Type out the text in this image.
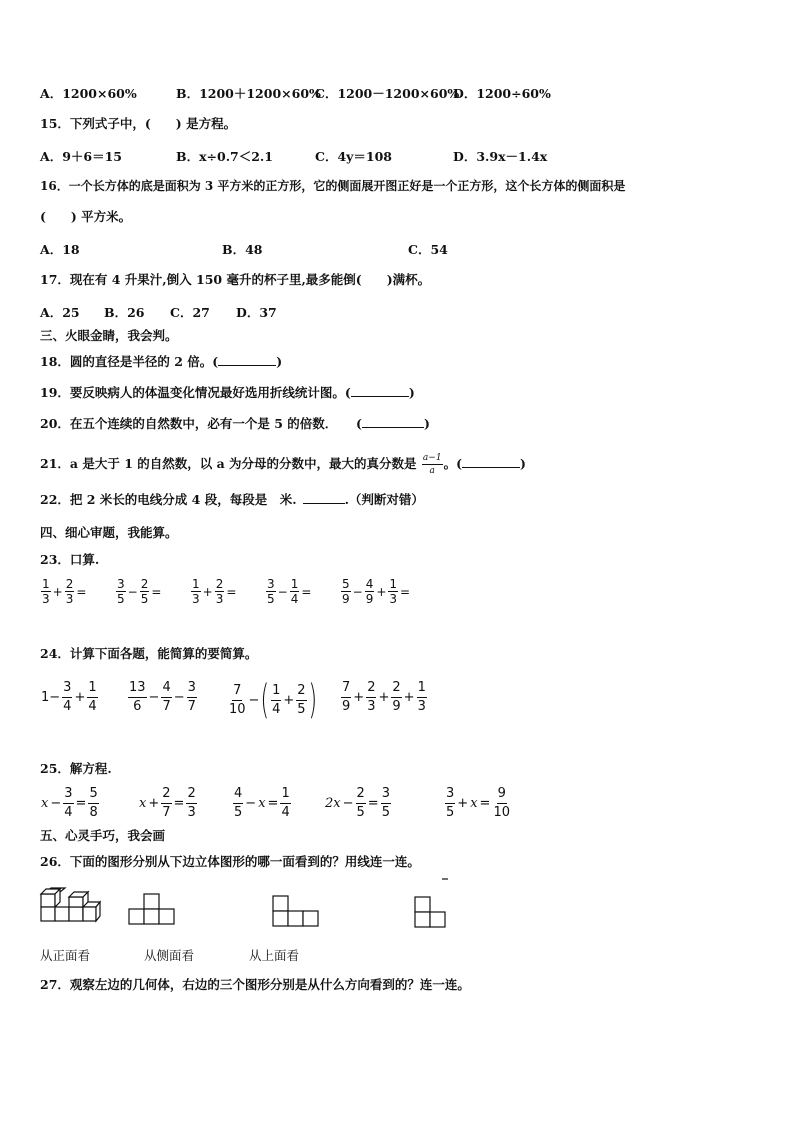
A．1200×60%	B．1200＋1200×60%
C．1200－1200×60%
D．1200÷60%
15．下列式子中，(　　) 是方程。
A．9＋6＝15	B．x÷0.7＜2.1	C．4y＝108	D．3.9x－1.4x
16．一个长方体的底是面积为 3 平方米的正方形，它的侧面展开图正好是一个正方形，这个长方体的侧面积是
(　　) 平方米。
A．18	B．48	C．54
17．现在有 4 升果汁,倒入 150 毫升的杯子里,最多能倒(　　)满杯。
A．25 B．26 C．27 D．37
三、火眼金睛，我会判。
18．圆的直径是半径的 2 倍。(	)
19．要反映病人的体温变化情况最好选用折线统计图。(	)
20．在五个连续的自然数中，必有一个是 5 的倍数．　　(	)
21．a 是大于 1 的自然数，以 a 为分母的分数中，最大的真分数是 $\frac{a-1}{a}$ 。(	)
22．把 2 米长的电线分成 4 段，每段是　米.	.（判断对错）
四、细心审题，我能算。
23．口算.
$\frac{1}{3} + \frac{2}{3} = \frac{3}{5} - \frac{2}{5} = \frac{1}{3} + \frac{2}{3} = \frac{3}{5} - \frac{1}{4} = \frac{5}{9} - \frac{4}{9} + \frac{1}{3}$ =
24．计算下面各题，能简算的要简算。
$1- \frac{3}{4} + \frac{1}{4} \frac{13}{6} - \frac{4}{7} - \frac{3}{7} \frac{7}{10}$ −( $\frac{1}{4} + \frac{2}{5}$ ) $\frac{7}{9} + \frac{2}{3} + \frac{2}{9} + \frac{1}{3}$
25．解方程.
$x - \frac{3}{4} = \frac{5}{8}$	$x + \frac{2}{7} = \frac{2}{3}$	$\frac{4}{5} - x = \frac{1}{4}$	$2x - \frac{2}{5} = \frac{3}{5}$	$\frac{3}{5} + x = \frac{9}{10}$
五、心灵手巧，我会画
26．下面的图形分别从下边立体图形的哪一面看到的？用线连一连。
从正面看	从侧面看	从上面看
27．观察左边的几何体，右边的三个图形分别是从什么方向看到的？连一连。
